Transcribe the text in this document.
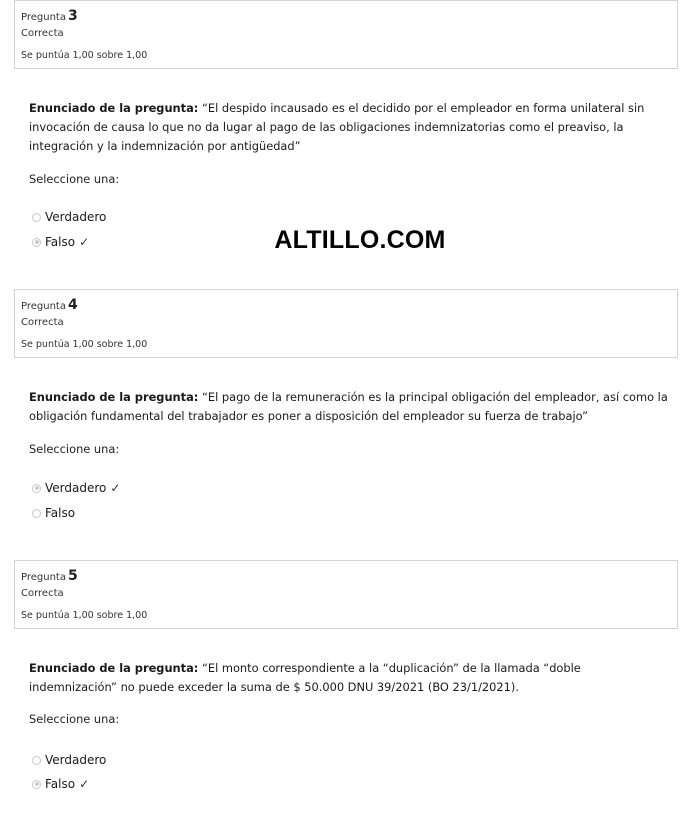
Pregunta 3
Correcta
Se puntúa 1,00 sobre 1,00
Enunciado de la pregunta: “El despido incausado es el decidido por el empleador en forma unilateral sin invocación de causa lo que no da lugar al pago de las obligaciones indemnizatorias como el preaviso, la integración y la indemnización por antigüedad”
Seleccione una:
Verdadero
Falso ✓	ALTILLO.COM
Pregunta 4
Correcta
Se puntúa 1,00 sobre 1,00
Enunciado de la pregunta: “El pago de la remuneración es la principal obligación del empleador, así como la obligación fundamental del trabajador es poner a disposición del empleador su fuerza de trabajo”
Seleccione una:
Verdadero ✓
Falso
Pregunta 5
Correcta
Se puntúa 1,00 sobre 1,00
Enunciado de la pregunta: “El monto correspondiente a la “duplicación” de la llamada “doble indemnización” no puede exceder la suma de $ 50.000 DNU 39/2021 (BO 23/1/2021).
Seleccione una:
Verdadero
Falso ✓
